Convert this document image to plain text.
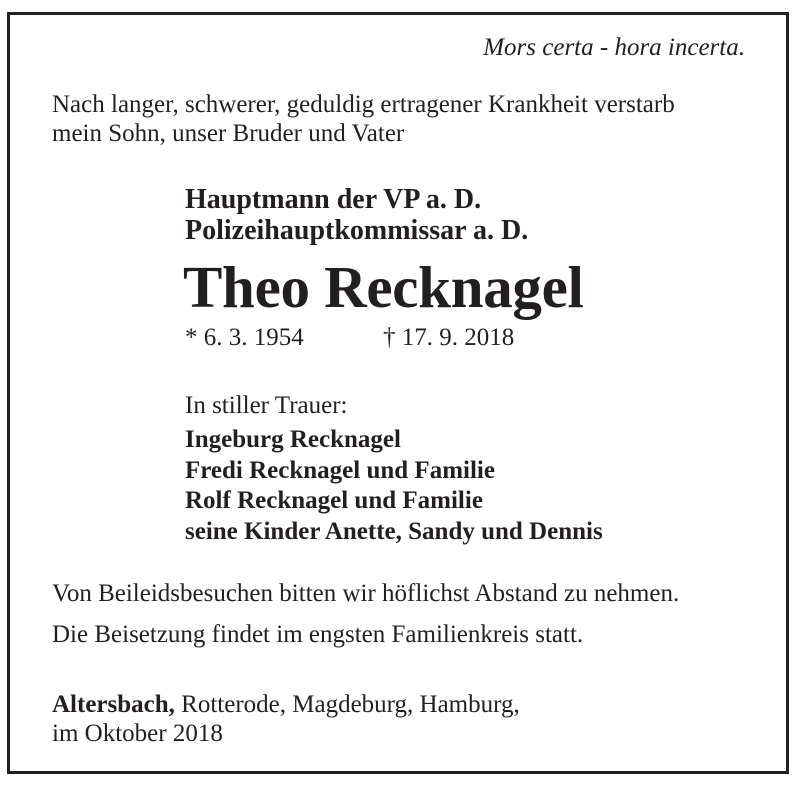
Mors certa - hora incerta.
Nach langer, schwerer, geduldig ertragener Krankheit verstarb
mein Sohn, unser Bruder und Vater
Hauptmann der VP a. D.
Polizeihauptkommissar a. D.
Theo Recknagel
* 6. 3. 1954	† 17. 9. 2018
In stiller Trauer:
Ingeburg Recknagel
Fredi Recknagel und Familie
Rolf Recknagel und Familie
seine Kinder Anette, Sandy und Dennis
Von Beileidsbesuchen bitten wir höflichst Abstand zu nehmen.
Die Beisetzung findet im engsten Familienkreis statt.
Altersbach, Rotterode, Magdeburg, Hamburg,
im Oktober 2018
